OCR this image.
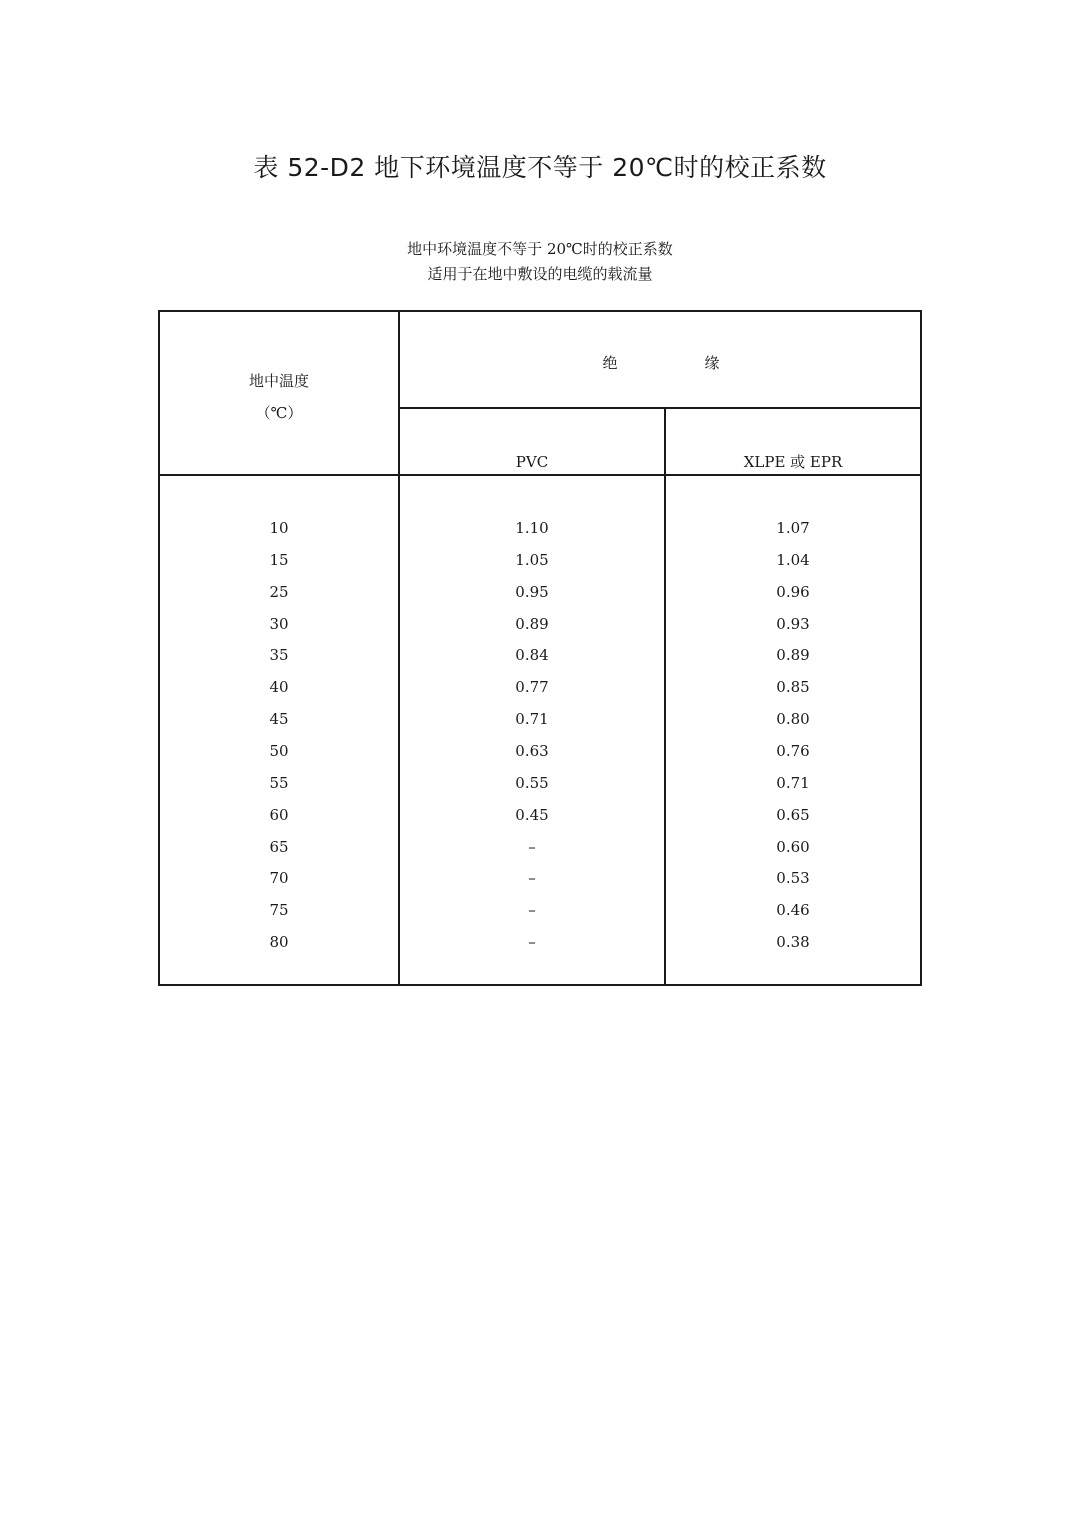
表 52-D2 地下环境温度不等于 20℃时的校正系数
地中环境温度不等于 20℃时的校正系数
适用于在地中敷设的电缆的载流量
地中温度
（℃）
绝	缘
PVC	XLPE 或 EPR
10	1.10	1.07
15	1.05	1.04
25	0.95	0.96
30	0.89	0.93
35	0.84	0.89
40	0.77	0.85
45	0.71	0.80
50	0.63	0.76
55	0.55	0.71
60	0.45	0.65
65	–	0.60
70	–	0.53
75	–	0.46
80	–	0.38
